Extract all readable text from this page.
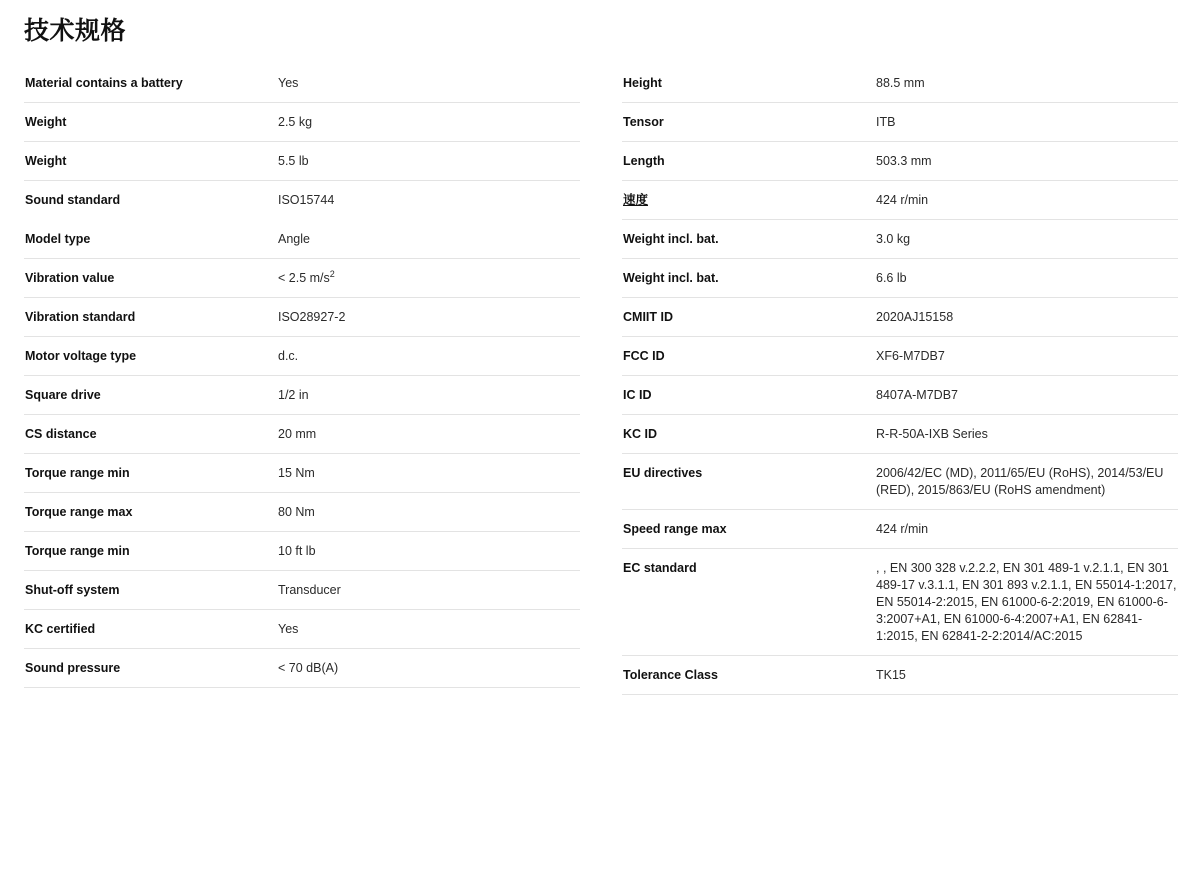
技术规格
Material contains a battery	Yes
Weight	2.5 kg
Weight	5.5 lb
Sound standard	ISO15744
Model type	Angle
Vibration value	< 2.5 $m/s^2$
Vibration standard	ISO28927-2
Motor voltage type	d.c.
Square drive	1/2 in
CS distance	20 mm
Torque range min	15 Nm
Torque range max	80 Nm
Torque range min	10 ft lb
Shut-off system	Transducer
KC certified	Yes
Sound pressure	< 70 dB(A)
Height	88.5 mm
Tensor	ITB
Length	503.3 mm
速度	424 r/min
Weight incl. bat.	3.0 kg
Weight incl. bat.	6.6 lb
CMIIT ID	2020AJ15158
FCC ID	XF6-M7DB7
IC ID	8407A-M7DB7
KC ID	R-R-50A-IXB Series
EU directives	2006/42/EC (MD), 2011/65/EU (RoHS), 2014/53/EU (RED), 2015/863/EU (RoHS amendment)
Speed range max	424 r/min
EC standard	, , EN 300 328 v.2.2.2, EN 301 489-1 v.2.1.1, EN 301 489-17 v.3.1.1, EN 301 893 v.2.1.1, EN 55014-1:2017, EN 55014-2:2015, EN 61000-6-2:2019, EN 61000-6-3:2007+A1, EN 61000-6-4:2007+A1, EN 62841-1:2015, EN 62841-2-2:2014/AC:2015
Tolerance Class	TK15
